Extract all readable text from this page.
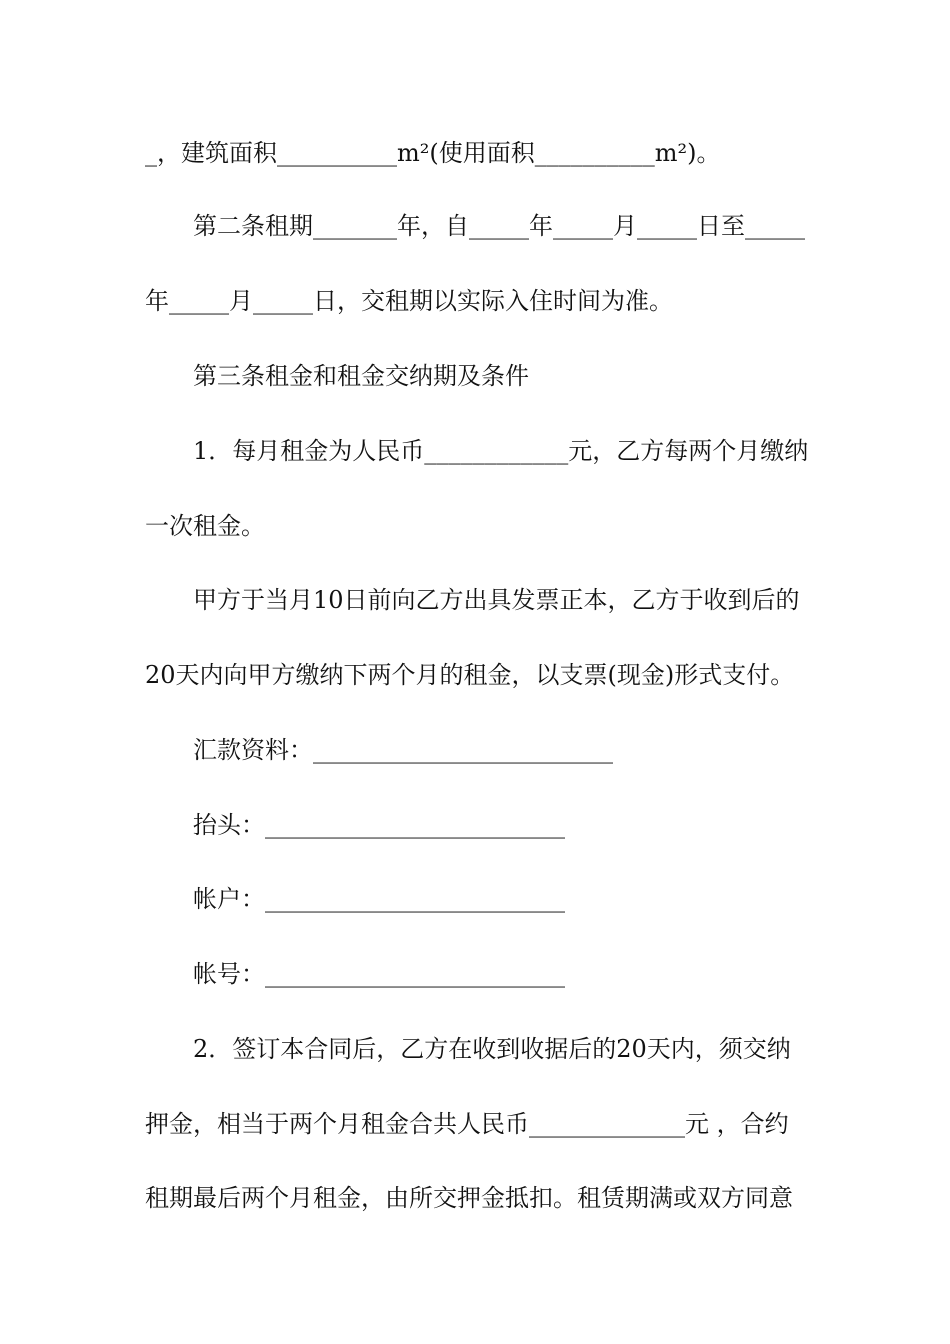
_，建筑面积__________m²(使用面积__________m²)。
第二条租期_______年，自_____年_____月_____日至_____
年_____月_____日，交租期以实际入住时间为准。
第三条租金和租金交纳期及条件
1．每月租金为人民币____________元，乙方每两个月缴纳
一次租金。
甲方于当月10日前向乙方出具发票正本，乙方于收到后的
20天内向甲方缴纳下两个月的租金，以支票(现金)形式支付。
汇款资料：_________________________
抬头：_________________________
帐户：_________________________
帐号：_________________________
2．签订本合同后，乙方在收到收据后的20天内，须交纳
押金，相当于两个月租金合共人民币_____________元 ，合约
租期最后两个月租金，由所交押金抵扣。租赁期满或双方同意
